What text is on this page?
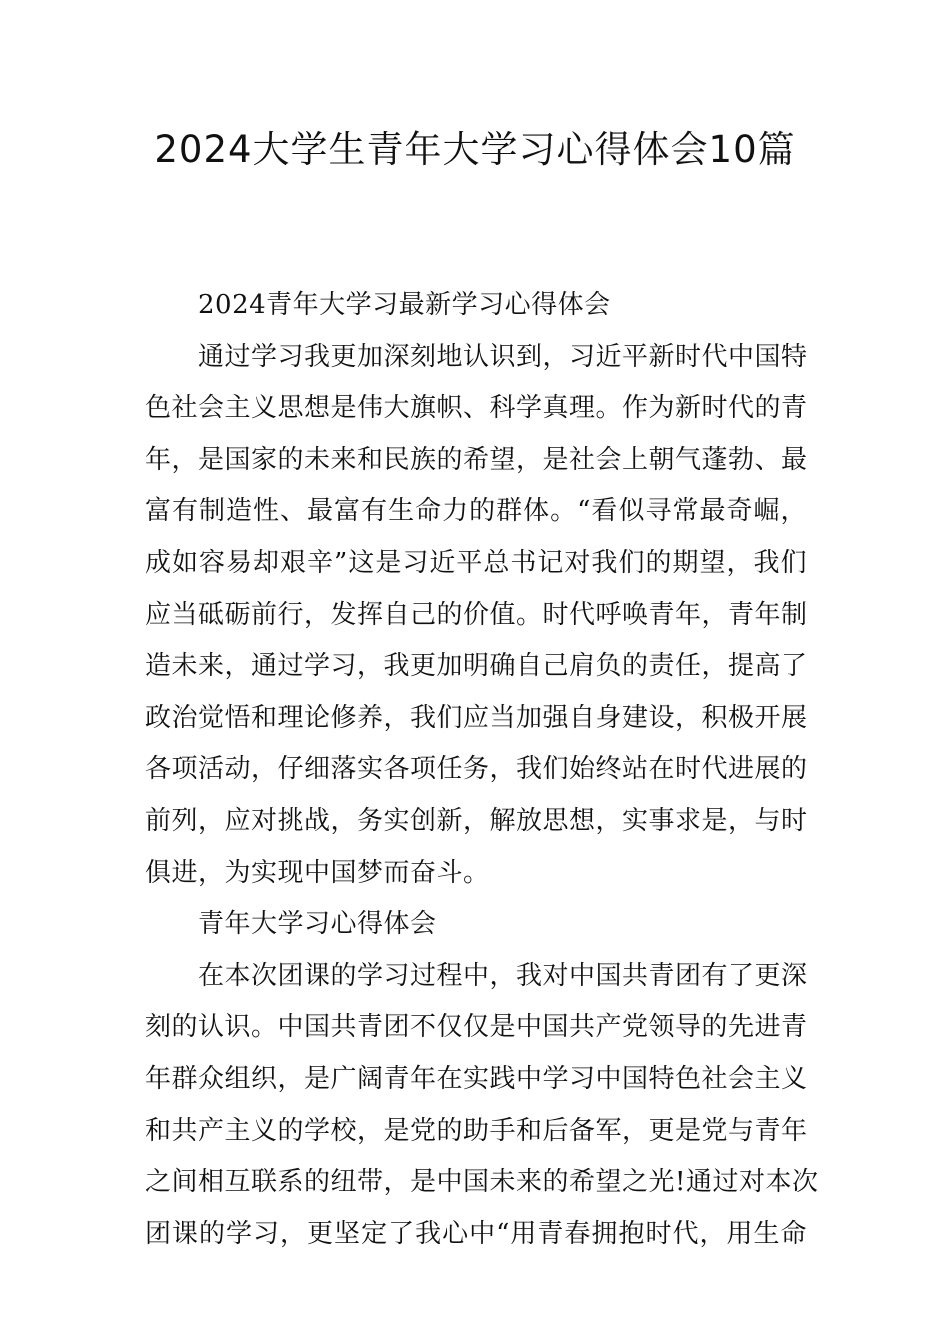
2024大学生青年大学习心得体会10篇
2024青年大学习最新学习心得体会
通过学习我更加深刻地认识到，习近平新时代中国特
色社会主义思想是伟大旗帜、科学真理。作为新时代的青
年，是国家的未来和民族的希望，是社会上朝气蓬勃、最
富有制造性、最富有生命力的群体。“看似寻常最奇崛，
成如容易却艰辛”这是习近平总书记对我们的期望，我们
应当砥砺前行，发挥自己的价值。时代呼唤青年，青年制
造未来，通过学习，我更加明确自己肩负的责任，提高了
政治觉悟和理论修养，我们应当加强自身建设，积极开展
各项活动，仔细落实各项任务，我们始终站在时代进展的
前列，应对挑战，务实创新，解放思想，实事求是，与时
俱进，为实现中国梦而奋斗。
青年大学习心得体会
在本次团课的学习过程中，我对中国共青团有了更深
刻的认识。中国共青团不仅仅是中国共产党领导的先进青
年群众组织，是广阔青年在实践中学习中国特色社会主义
和共产主义的学校，是党的助手和后备军，更是党与青年
之间相互联系的纽带，是中国未来的希望之光!通过对本次
团课的学习，更坚定了我心中“用青春拥抱时代，用生命
